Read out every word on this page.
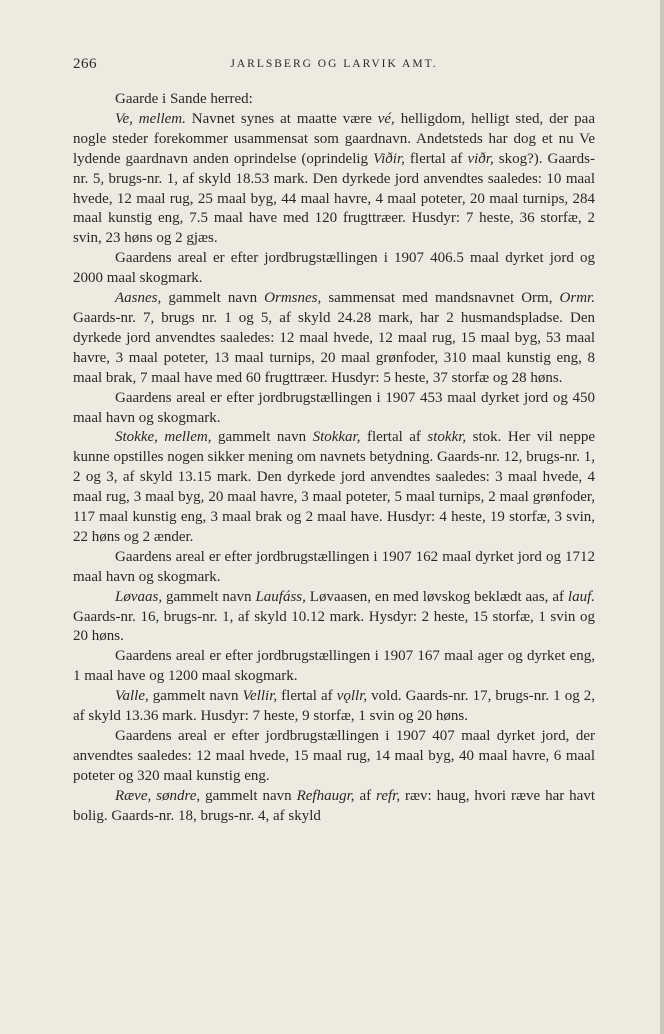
266	JARLSBERG OG LARVIK AMT.

Gaarde i Sande herred:

Ve, mellem. Navnet synes at maatte være vé, helligdom, helligt sted, der paa nogle steder forekommer usammensat som gaardnavn. Andetsteds har dog et nu Ve lydende gaardnavn anden oprindelse (oprindelig Viðir, flertal af viðr, skog?). Gaards-nr. 5, brugs-nr. 1, af skyld 18.53 mark. Den dyrkede jord anvendtes saaledes: 10 maal hvede, 12 maal rug, 25 maal byg, 44 maal havre, 4 maal poteter, 20 maal turnips, 284 maal kunstig eng, 7.5 maal have med 120 frugttræer. Husdyr: 7 heste, 36 storfæ, 2 svin, 23 høns og 2 gjæs.

Gaardens areal er efter jordbrugstællingen i 1907 406.5 maal dyrket jord og 2000 maal skogmark.

Aasnes, gammelt navn Ormsnes, sammensat med mandsnavnet Orm, Ormr. Gaards-nr. 7, brugs nr. 1 og 5, af skyld 24.28 mark, har 2 husmandspladse. Den dyrkede jord anvendtes saaledes: 12 maal hvede, 12 maal rug, 15 maal byg, 53 maal havre, 3 maal poteter, 13 maal turnips, 20 maal grønfoder, 310 maal kunstig eng, 8 maal brak, 7 maal have med 60 frugttræer. Husdyr: 5 heste, 37 storfæ og 28 høns.

Gaardens areal er efter jordbrugstællingen i 1907 453 maal dyrket jord og 450 maal havn og skogmark.

Stokke, mellem, gammelt navn Stokkar, flertal af stokkr, stok. Her vil neppe kunne opstilles nogen sikker mening om navnets betydning. Gaards-nr. 12, brugs-nr. 1, 2 og 3, af skyld 13.15 mark. Den dyrkede jord anvendtes saaledes: 3 maal hvede, 4 maal rug, 3 maal byg, 20 maal havre, 3 maal poteter, 5 maal turnips, 2 maal grønfoder, 117 maal kunstig eng, 3 maal brak og 2 maal have. Husdyr: 4 heste, 19 storfæ, 3 svin, 22 høns og 2 ænder.

Gaardens areal er efter jordbrugstællingen i 1907 162 maal dyrket jord og 1712 maal havn og skogmark.

Løvaas, gammelt navn Laufáss, Løvaasen, en med løvskog beklædt aas, af lauf. Gaards-nr. 16, brugs-nr. 1, af skyld 10.12 mark. Hysdyr: 2 heste, 15 storfæ, 1 svin og 20 høns.

Gaardens areal er efter jordbrugstællingen i 1907 167 maal ager og dyrket eng, 1 maal have og 1200 maal skogmark.

Valle, gammelt navn Vellir, flertal af vǫllr, vold. Gaards-nr. 17, brugs-nr. 1 og 2, af skyld 13.36 mark. Husdyr: 7 heste, 9 storfæ, 1 svin og 20 høns.

Gaardens areal er efter jordbrugstællingen i 1907 407 maal dyrket jord, der anvendtes saaledes: 12 maal hvede, 15 maal rug, 14 maal byg, 40 maal havre, 6 maal poteter og 320 maal kunstig eng.

Ræve, søndre, gammelt navn Refhaugr, af refr, ræv: haug, hvori ræve har havt bolig. Gaards-nr. 18, brugs-nr. 4, af skyld
